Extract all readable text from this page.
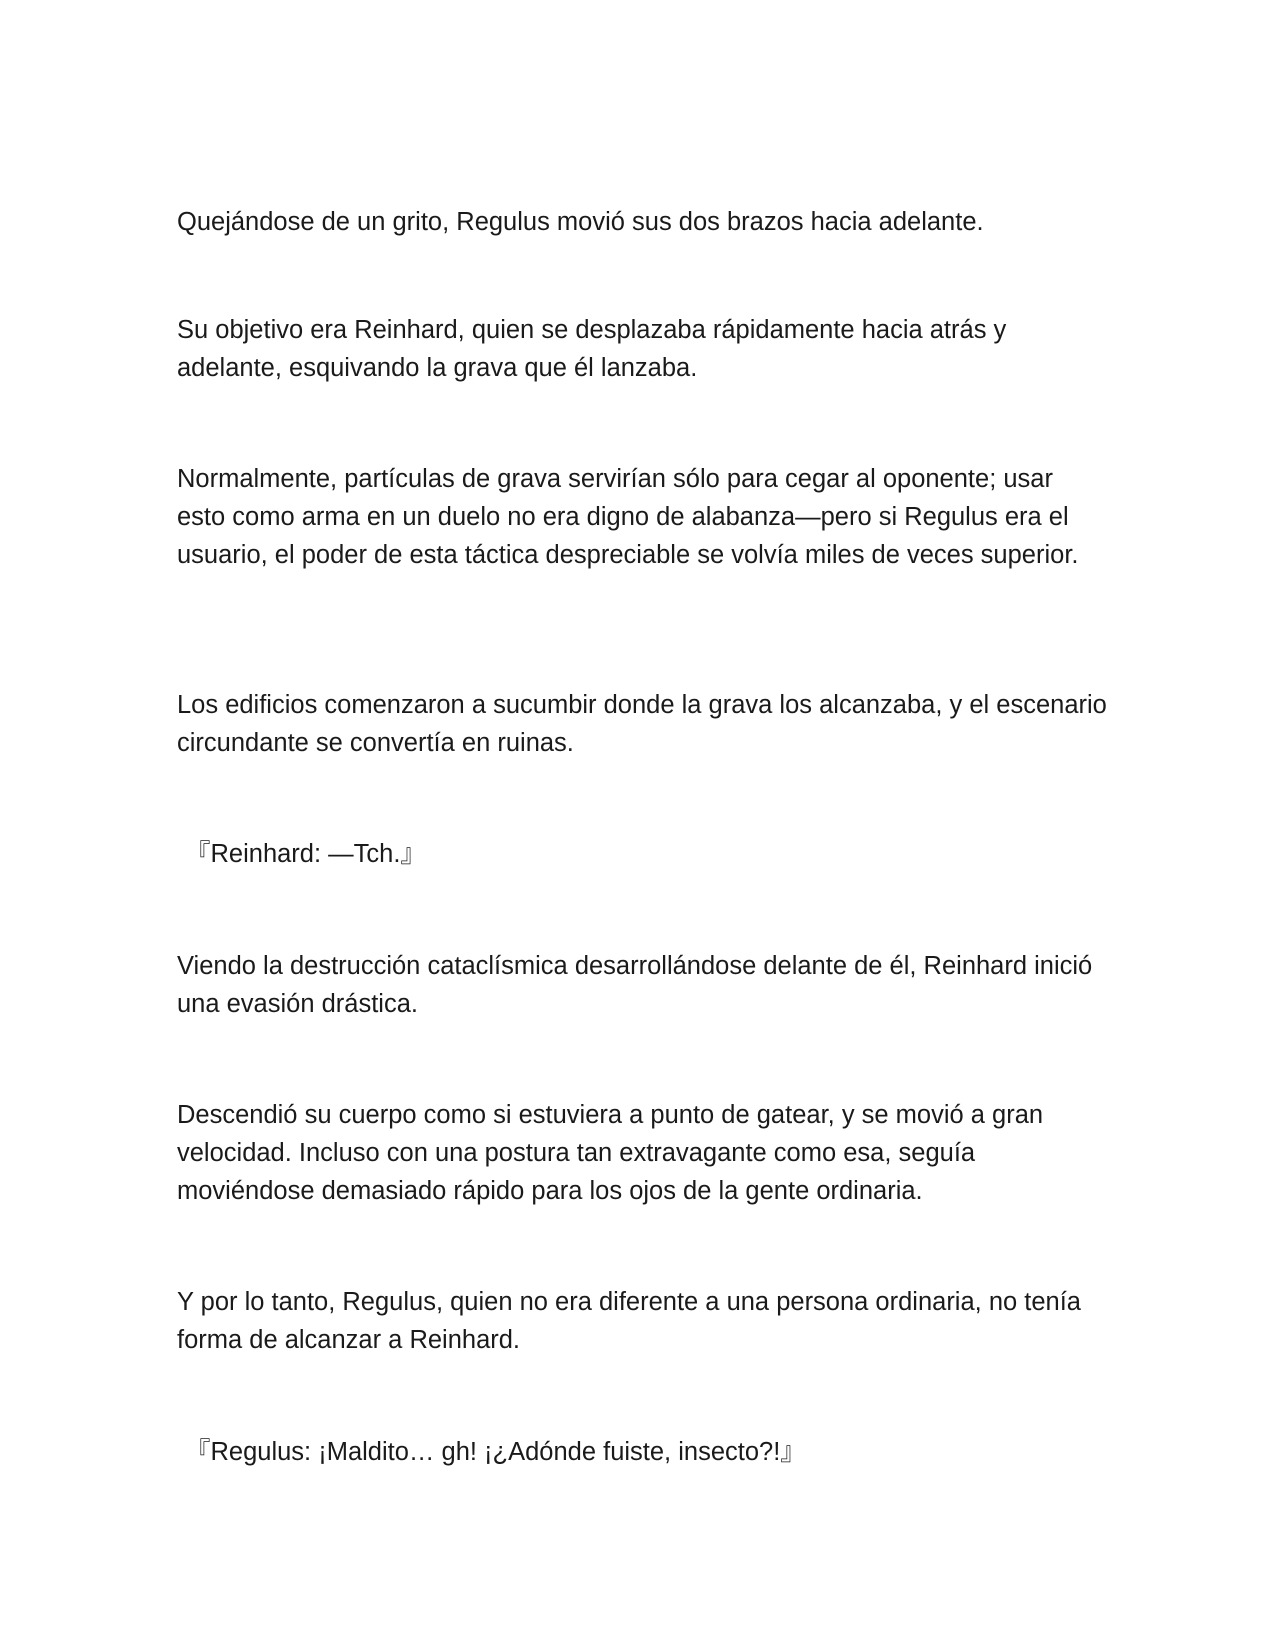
Quejándose de un grito, Regulus movió sus dos brazos hacia adelante.

Su objetivo era Reinhard, quien se desplazaba rápidamente hacia atrás y adelante, esquivando la grava que él lanzaba.

Normalmente, partículas de grava servirían sólo para cegar al oponente; usar esto como arma en un duelo no era digno de alabanza—pero si Regulus era el usuario, el poder de esta táctica despreciable se volvía miles de veces superior.

Los edificios comenzaron a sucumbir donde la grava los alcanzaba, y el escenario circundante se convertía en ruinas.

『Reinhard: —Tch.』

Viendo la destrucción cataclísmica desarrollándose delante de él, Reinhard inició una evasión drástica.

Descendió su cuerpo como si estuviera a punto de gatear, y se movió a gran velocidad. Incluso con una postura tan extravagante como esa, seguía moviéndose demasiado rápido para los ojos de la gente ordinaria.

Y por lo tanto, Regulus, quien no era diferente a una persona ordinaria, no tenía forma de alcanzar a Reinhard.

『Regulus: ¡Maldito… gh! ¡¿Adónde fuiste, insecto?!』
